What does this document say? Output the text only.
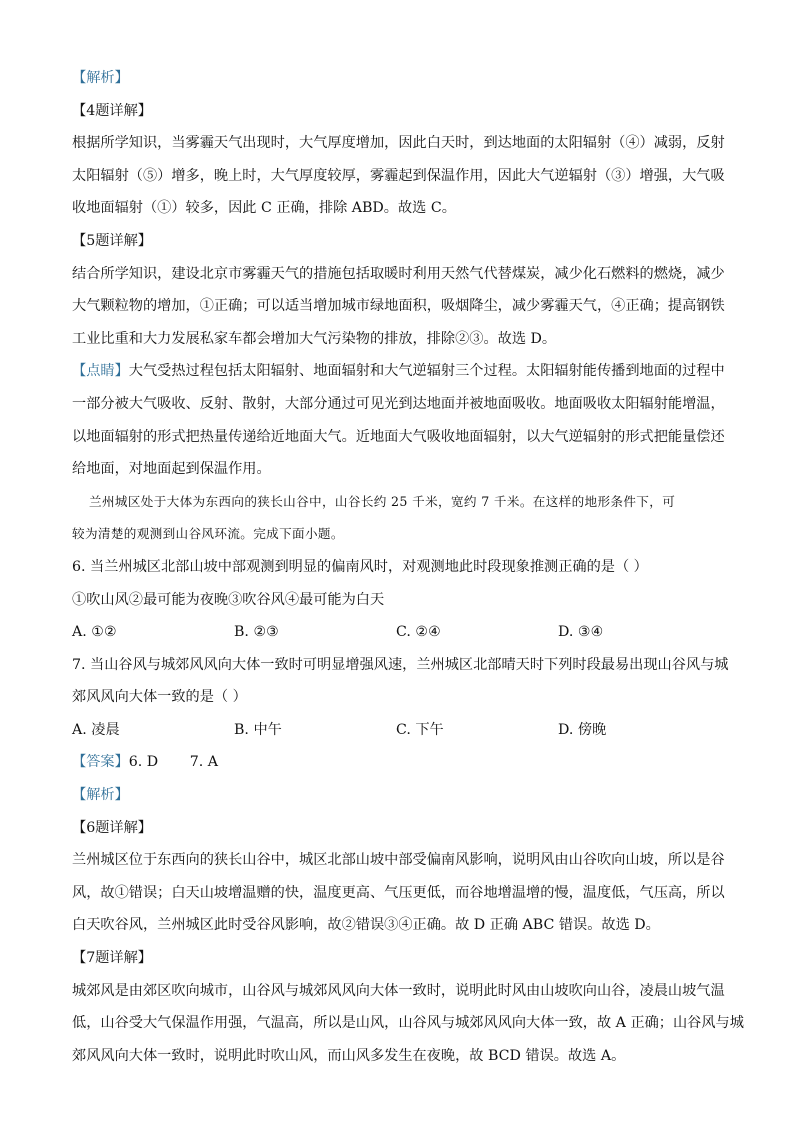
【解析】
【4题详解】
根据所学知识，当雾霾天气出现时，大气厚度增加，因此白天时，到达地面的太阳辐射（④）减弱，反射
太阳辐射（⑤）增多，晚上时，大气厚度较厚，雾霾起到保温作用，因此大气逆辐射（③）增强，大气吸
收地面辐射（①）较多，因此 C 正确，排除 ABD。故选 C。
【5题详解】
结合所学知识，建设北京市雾霾天气的措施包括取暖时利用天然气代替煤炭，减少化石燃料的燃烧，减少
大气颗粒物的增加，①正确；可以适当增加城市绿地面积，吸烟降尘，减少雾霾天气，④正确；提高钢铁
工业比重和大力发展私家车都会增加大气污染物的排放，排除②③。故选 D。
【点睛】大气受热过程包括太阳辐射、地面辐射和大气逆辐射三个过程。太阳辐射能传播到地面的过程中
一部分被大气吸收、反射、散射，大部分通过可见光到达地面并被地面吸收。地面吸收太阳辐射能增温，
以地面辐射的形式把热量传递给近地面大气。近地面大气吸收地面辐射，以大气逆辐射的形式把能量偿还
给地面，对地面起到保温作用。
兰州城区处于大体为东西向的狭长山谷中，山谷长约 25 千米，宽约 7 千米。在这样的地形条件下，可
较为清楚的观测到山谷风环流。完成下面小题。
6. 当兰州城区北部山坡中部观测到明显的偏南风时，对观测地此时段现象推测正确的是（ ）
①吹山风②最可能为夜晚③吹谷风④最可能为白天
A. ①②	B. ②③	C. ②④	D. ③④
7. 当山谷风与城郊风风向大体一致时可明显增强风速，兰州城区北部晴天时下列时段最易出现山谷风与城
郊风风向大体一致的是（ ）
A. 凌晨	B. 中午	C. 下午	D. 傍晚
【答案】6. D       7. A
【解析】
【6题详解】
兰州城区位于东西向的狭长山谷中，城区北部山坡中部受偏南风影响，说明风由山谷吹向山坡，所以是谷
风，故①错误；白天山坡增温赠的快，温度更高、气压更低，而谷地增温增的慢，温度低，气压高，所以
白天吹谷风，兰州城区此时受谷风影响，故②错误③④正确。故 D 正确 ABC 错误。故选 D。
【7题详解】
城郊风是由郊区吹向城市，山谷风与城郊风风向大体一致时，说明此时风由山坡吹向山谷，凌晨山坡气温
低，山谷受大气保温作用强，气温高，所以是山风，山谷风与城郊风风向大体一致，故 A 正确；山谷风与城
郊风风向大体一致时，说明此时吹山风，而山风多发生在夜晚，故 BCD 错误。故选 A。
